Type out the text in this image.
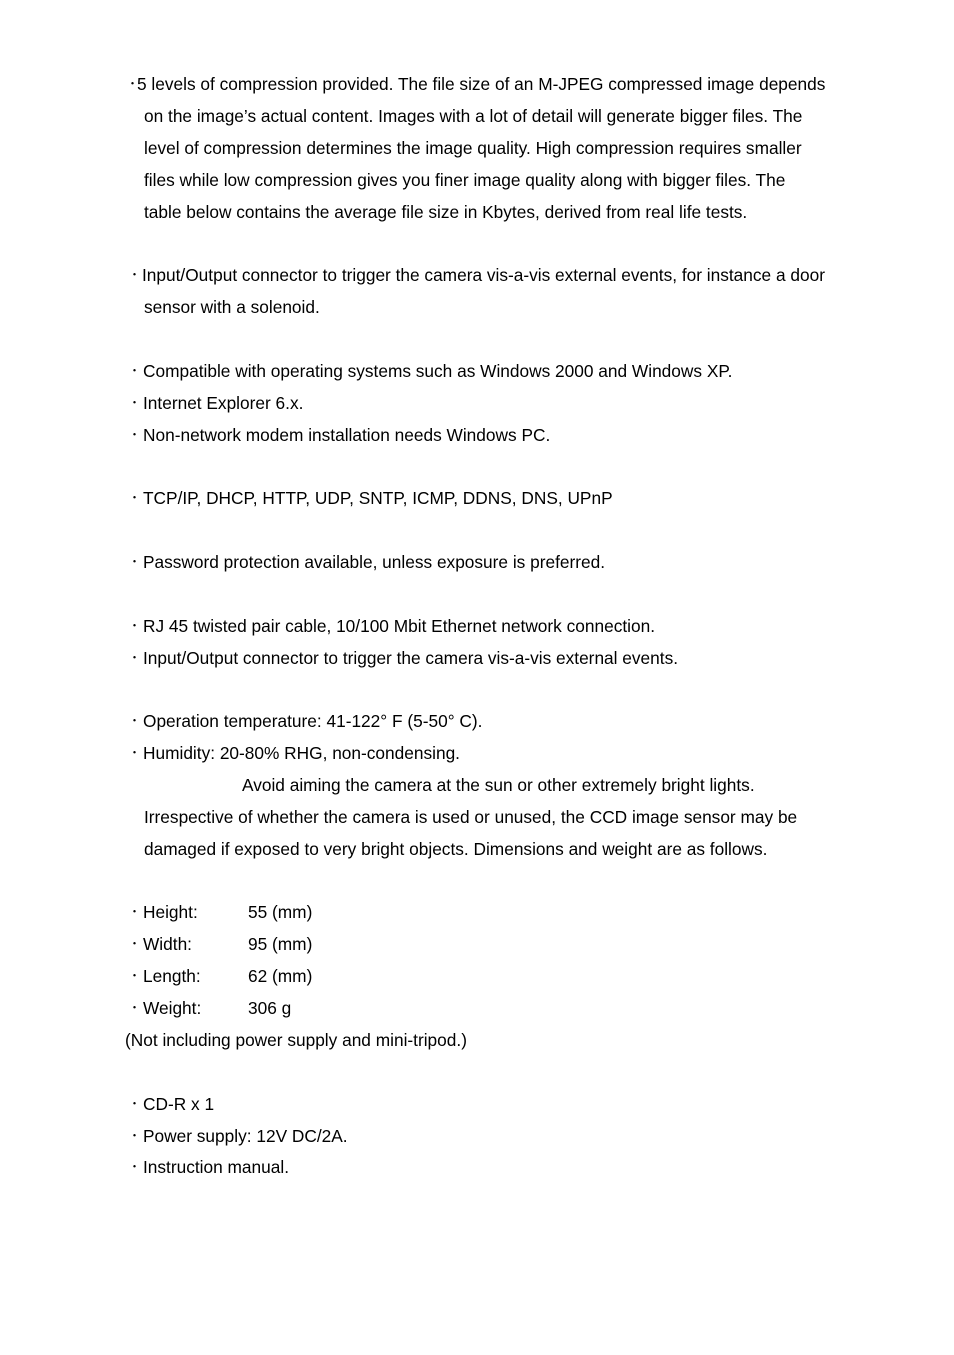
・
5 levels of compression provided. The file size of an M-JPEG compressed image depends
on the image’s actual content. Images with a lot of detail will generate bigger files. The
level of compression determines the image quality. High compression requires smaller
files while low compression gives you finer image quality along with bigger files. The
table below contains the average file size in Kbytes, derived from real life tests.
・ Input/Output connector to trigger the camera vis-a-vis external events, for instance a door
sensor with a solenoid.
・ Compatible with operating systems such as Windows 2000 and Windows XP.
・ Internet Explorer 6.x.
・ Non-network modem installation needs Windows PC.
・ TCP/IP, DHCP, HTTP, UDP, SNTP, ICMP, DDNS, DNS, UPnP
・ Password protection available, unless exposure is preferred.
・ RJ 45 twisted pair cable, 10/100 Mbit Ethernet network connection.
・ Input/Output connector to trigger the camera vis-a-vis external events.
・ Operation temperature: 41-122° F (5-50° C).
・ Humidity: 20-80% RHG, non-condensing.
Avoid aiming the camera at the sun or other extremely bright lights.
Irrespective of whether the camera is used or unused, the CCD image sensor may be
damaged if exposed to very bright objects. Dimensions and weight are as follows.
・ Height:	55 (mm)
・ Width:	95 (mm)
・ Length:	62 (mm)
・ Weight:	306 g
(Not including power supply and mini-tripod.)
・ CD-R x 1
・ Power supply: 12V DC/2A.
・ Instruction manual.
